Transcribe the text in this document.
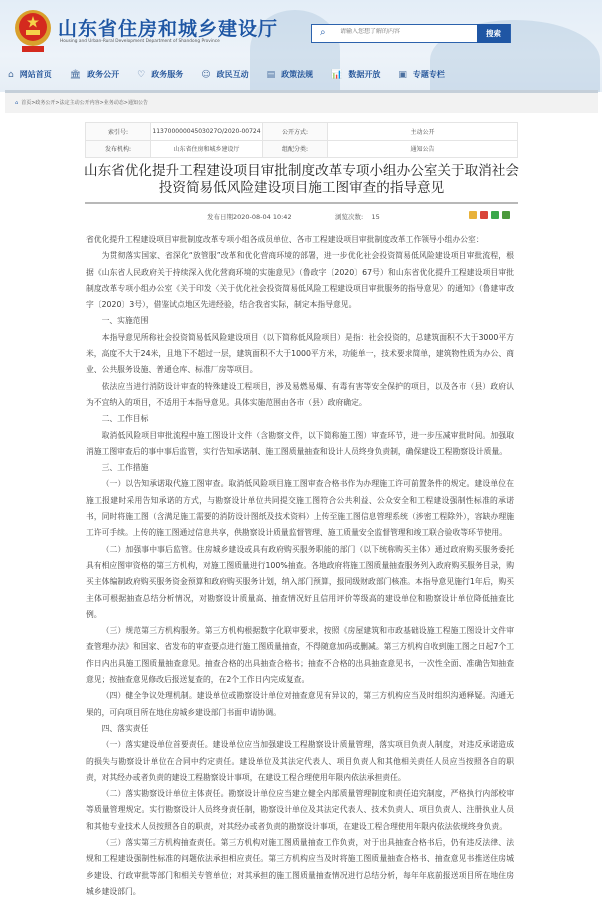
山东省住房和城乡建设厅
Housing and Urban-Rural Development Department of Shandong Province
⌕
请输入您想了解的内容	搜索
⌂ 网站首页 🏛 政务公开 ♡ 政务服务 ☺ 政民互动 ▤ 政策法规 📊 数据开放 ▣ 专题专栏
⌂ 首页>政务公开>法定主动公开内容>业务动态>通知公告
索引号:	11370000004503027O/2020-00724	公开方式:	主动公开
发布机构:	山东省住房和城乡建设厅	组配分类:	通知公告
山东省优化提升工程建设项目审批制度改革专项小组办公室关于取消社会投资简易低风险建设项目施工图审查的指导意见
发布日期2020-08-04 10:42	浏览次数: 15

省优化提升工程建设项目审批制度改革专项小组各成员单位、各市工程建设项目审批制度改革工作领导小组办公室：

为贯彻落实国家、省深化“放管服”改革和优化营商环境的部署，进一步优化社会投资简易低风险建设项目审批流程，根据《山东省人民政府关于持续深入优化营商环境的实施意见》（鲁政字〔2020〕67号）和山东省优化提升工程建设项目审批制度改革专项小组办公室《关于印发〈关于优化社会投资简易低风险工程建设项目审批服务的指导意见〉的通知》（鲁建审改字〔2020〕3号），借鉴试点地区先进经验，结合我省实际，制定本指导意见。

一、实施范围

本指导意见所称社会投资简易低风险建设项目（以下简称低风险项目）是指：社会投资的，总建筑面积不大于3000平方米，高度不大于24米，且地下不超过一层，建筑面积不大于1000平方米，功能单一，技术要求简单，建筑物性质为办公、商业、公共服务设施、普通仓库、标准厂房等项目。

依法应当进行消防设计审查的特殊建设工程项目，涉及易燃易爆、有毒有害等安全保护的项目，以及各市（县）政府认为不宜纳入的项目，不适用于本指导意见。具体实施范围由各市（县）政府确定。

二、工作目标

取消低风险项目审批流程中施工图设计文件（含勘察文件，以下简称施工图）审查环节，进一步压减审批时间。加强取消施工图审查后的事中事后监管，实行告知承诺制、施工图质量抽查和设计人员终身负责制，确保建设工程勘察设计质量。

三、工作措施

（一）以告知承诺取代施工图审查。取消低风险项目施工图审查合格书作为办理施工许可前置条件的规定。建设单位在施工报建时采用告知承诺的方式，与勘察设计单位共同提交施工图符合公共利益、公众安全和工程建设强制性标准的承诺书，同时将施工图（含满足施工需要的消防设计图纸及技术资料）上传至施工图信息管理系统（涉密工程除外），容缺办理施工许可手续。上传的施工图通过信息共享，供勘察设计质量监督管理、施工质量安全监督管理和竣工联合验收等环节使用。

（二）加强事中事后监管。住房城乡建设或具有政府购买服务职能的部门（以下统称购买主体）通过政府购买服务委托具有相应图审资格的第三方机构，对施工图质量进行100%抽查。各地政府将施工图质量抽查服务列入政府购买服务目录，购买主体编制政府购买服务资金预算和政府购买服务计划，纳入部门预算，报同级财政部门核准。本指导意见施行1年后，购买主体可根据抽查总结分析情况，对勘察设计质量高、抽查情况好且信用评价等级高的建设单位和勘察设计单位降低抽查比例。

（三）规范第三方机构服务。第三方机构根据数字化联审要求，按照《房屋建筑和市政基础设施工程施工图设计文件审查管理办法》和国家、省发布的审查要点进行施工图质量抽查，不得随意加码或删减。第三方机构自收到施工图之日起7个工作日内出具施工图质量抽查意见。抽查合格的出具抽查合格书；抽查不合格的出具抽查意见书，一次性全面、准确告知抽查意见；按抽查意见修改后报送复查的，在2个工作日内完成复查。

（四）健全争议处理机制。建设单位或勘察设计单位对抽查意见有异议的，第三方机构应当及时组织沟通释疑。沟通无果的，可向项目所在地住房城乡建设部门书面申请协调。

四、落实责任

（一）落实建设单位首要责任。建设单位应当加强建设工程勘察设计质量管理，落实项目负责人制度，对违反承诺造成的损失与勘察设计单位在合同中约定责任。建设单位及其法定代表人、项目负责人和其他相关责任人员应当按照各自的职责，对其经办或者负责的建设工程勘察设计事项，在建设工程合理使用年限内依法承担责任。

（二）落实勘察设计单位主体责任。勘察设计单位应当建立健全内部质量管理制度和责任追究制度，严格执行内部校审等质量管理规定。实行勘察设计人员终身责任制，勘察设计单位及其法定代表人、技术负责人、项目负责人、注册执业人员和其他专业技术人员按照各自的职责，对其经办或者负责的勘察设计事项，在建设工程合理使用年限内依法依规终身负责。

（三）落实第三方机构抽查责任。第三方机构对施工图质量抽查工作负责，对于出具抽查合格书后，仍有违反法律、法规和工程建设强制性标准的问题依法承担相应责任。第三方机构应当及时将施工图质量抽查合格书、抽查意见书推送住房城乡建设、行政审批等部门和相关专管单位；对其承担的施工图质量抽查情况进行总结分析，每年年底前报送项目所在地住房城乡建设部门。
